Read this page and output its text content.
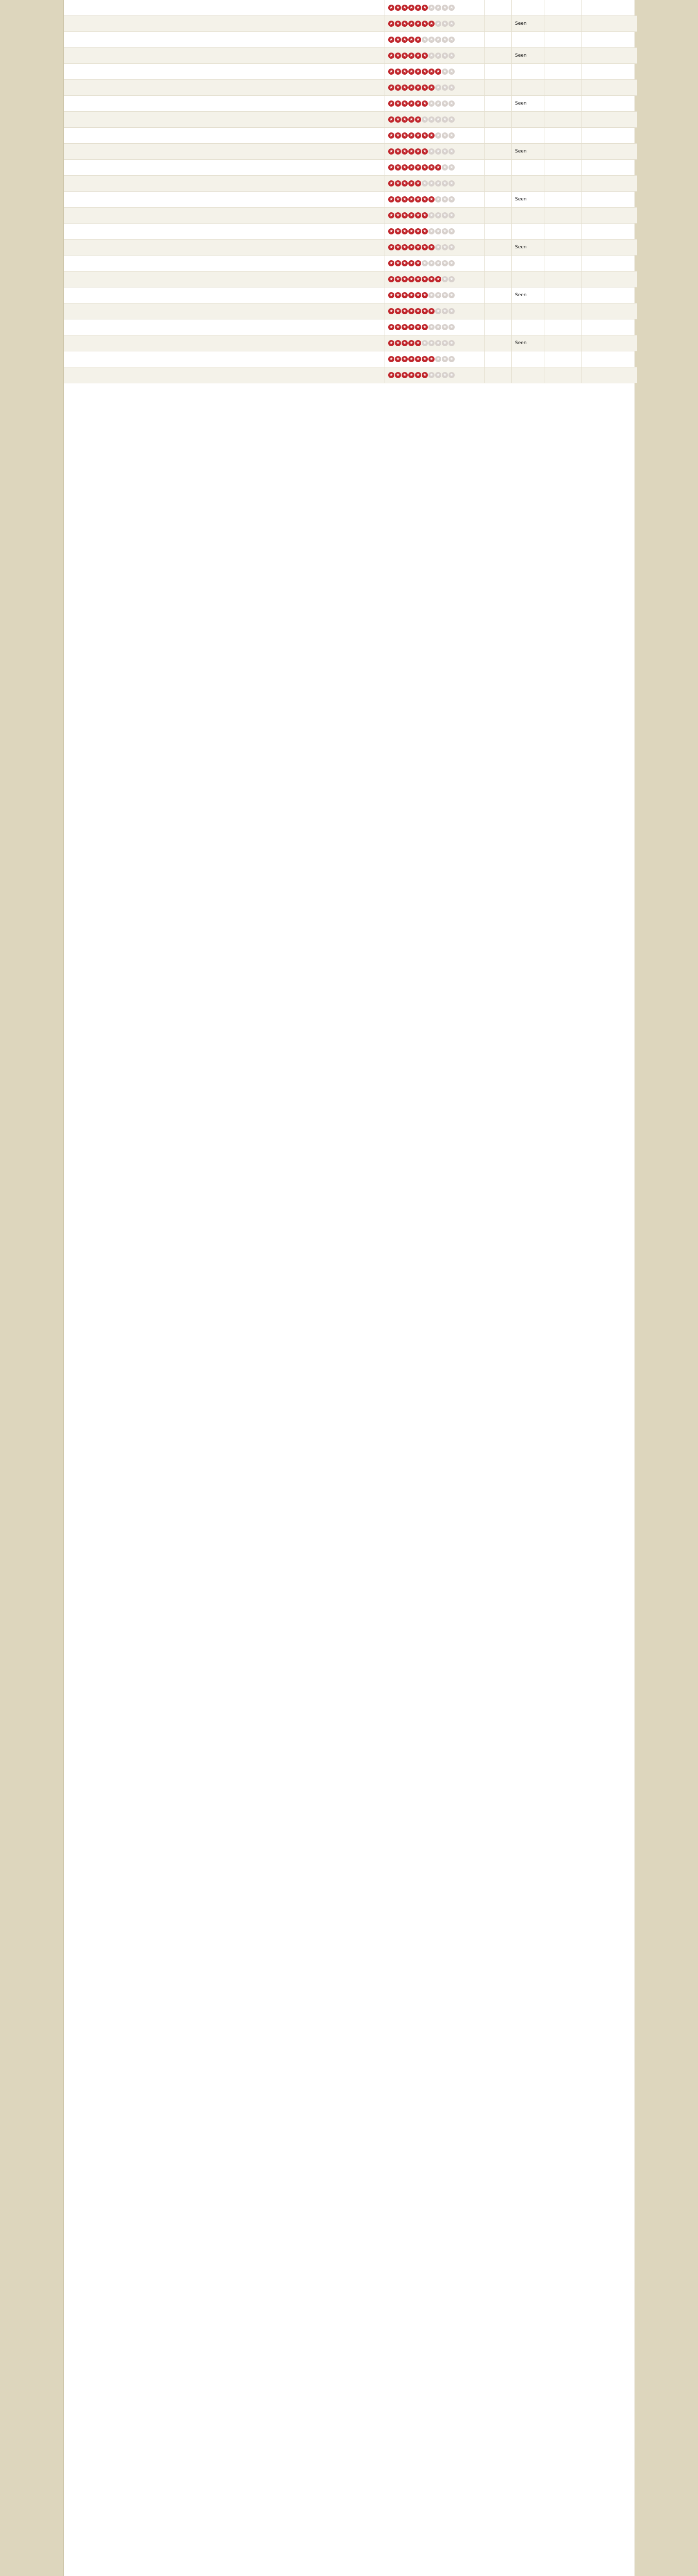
	★ ★ ★ ★ ★ ★ ★ ★ ★ ★				
	★ ★ ★ ★ ★ ★ ★ ★ ★ ★		Seen		
	★ ★ ★ ★ ★ ★ ★ ★ ★ ★				
	★ ★ ★ ★ ★ ★ ★ ★ ★ ★		Seen		
	★ ★ ★ ★ ★ ★ ★ ★ ★ ★				
	★ ★ ★ ★ ★ ★ ★ ★ ★ ★				
	★ ★ ★ ★ ★ ★ ★ ★ ★ ★		Seen		
	★ ★ ★ ★ ★ ★ ★ ★ ★ ★				
	★ ★ ★ ★ ★ ★ ★ ★ ★ ★				
	★ ★ ★ ★ ★ ★ ★ ★ ★ ★		Seen		
	★ ★ ★ ★ ★ ★ ★ ★ ★ ★				
	★ ★ ★ ★ ★ ★ ★ ★ ★ ★				
	★ ★ ★ ★ ★ ★ ★ ★ ★ ★		Seen		
	★ ★ ★ ★ ★ ★ ★ ★ ★ ★				
	★ ★ ★ ★ ★ ★ ★ ★ ★ ★				
	★ ★ ★ ★ ★ ★ ★ ★ ★ ★		Seen		
	★ ★ ★ ★ ★ ★ ★ ★ ★ ★				
	★ ★ ★ ★ ★ ★ ★ ★ ★ ★				
	★ ★ ★ ★ ★ ★ ★ ★ ★ ★		Seen		
	★ ★ ★ ★ ★ ★ ★ ★ ★ ★				
	★ ★ ★ ★ ★ ★ ★ ★ ★ ★				
	★ ★ ★ ★ ★ ★ ★ ★ ★ ★		Seen		
	★ ★ ★ ★ ★ ★ ★ ★ ★ ★				
	★ ★ ★ ★ ★ ★ ★ ★ ★ ★				
